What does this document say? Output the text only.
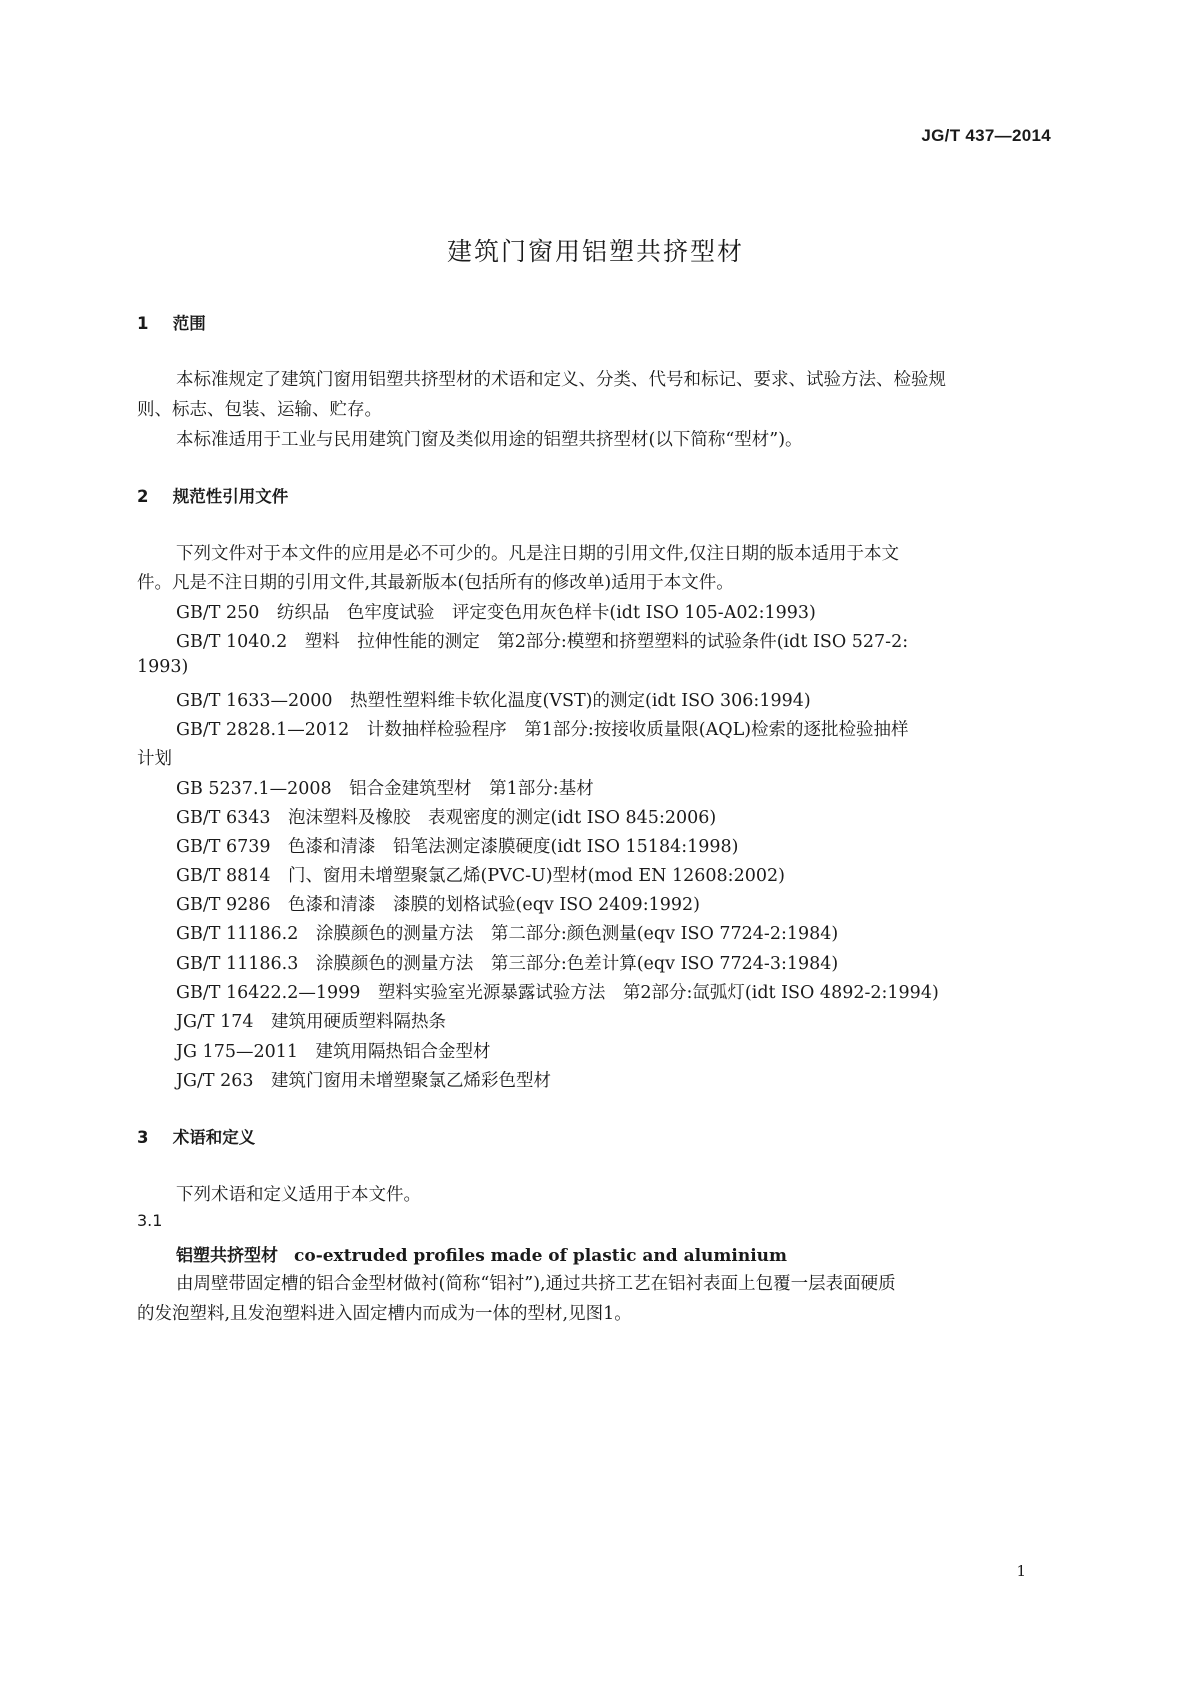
JG/T 437—2014
建筑门窗用铝塑共挤型材
1 范围
本标准规定了建筑门窗用铝塑共挤型材的术语和定义、分类、代号和标记、要求、试验方法、检验规
则、标志、包装、运输、贮存。
本标准适用于工业与民用建筑门窗及类似用途的铝塑共挤型材(以下简称“型材”)。
2 规范性引用文件
下列文件对于本文件的应用是必不可少的。凡是注日期的引用文件,仅注日期的版本适用于本文
件。凡是不注日期的引用文件,其最新版本(包括所有的修改单)适用于本文件。
GB/T 250　纺织品　色牢度试验　评定变色用灰色样卡(idt ISO 105-A02:1993)
GB/T 1040.2　塑料　拉伸性能的测定　第2部分:模塑和挤塑塑料的试验条件(idt ISO 527-2:
1993)
GB/T 1633—2000　热塑性塑料维卡软化温度(VST)的测定(idt ISO 306:1994)
GB/T 2828.1—2012　计数抽样检验程序　第1部分:按接收质量限(AQL)检索的逐批检验抽样
计划
GB 5237.1—2008　铝合金建筑型材　第1部分:基材
GB/T 6343　泡沫塑料及橡胶　表观密度的测定(idt ISO 845:2006)
GB/T 6739　色漆和清漆　铅笔法测定漆膜硬度(idt ISO 15184:1998)
GB/T 8814　门、窗用未增塑聚氯乙烯(PVC-U)型材(mod EN 12608:2002)
GB/T 9286　色漆和清漆　漆膜的划格试验(eqv ISO 2409:1992)
GB/T 11186.2　涂膜颜色的测量方法　第二部分:颜色测量(eqv ISO 7724-2:1984)
GB/T 11186.3　涂膜颜色的测量方法　第三部分:色差计算(eqv ISO 7724-3:1984)
GB/T 16422.2—1999　塑料实验室光源暴露试验方法　第2部分:氙弧灯(idt ISO 4892-2:1994)
JG/T 174　建筑用硬质塑料隔热条
JG 175—2011　建筑用隔热铝合金型材
JG/T 263　建筑门窗用未增塑聚氯乙烯彩色型材
3 术语和定义
下列术语和定义适用于本文件。
3.1
铝塑共挤型材 co-extruded profiles made of plastic and aluminium
由周壁带固定槽的铝合金型材做衬(简称“铝衬”),通过共挤工艺在铝衬表面上包覆一层表面硬质
的发泡塑料,且发泡塑料进入固定槽内而成为一体的型材,见图1。
1
